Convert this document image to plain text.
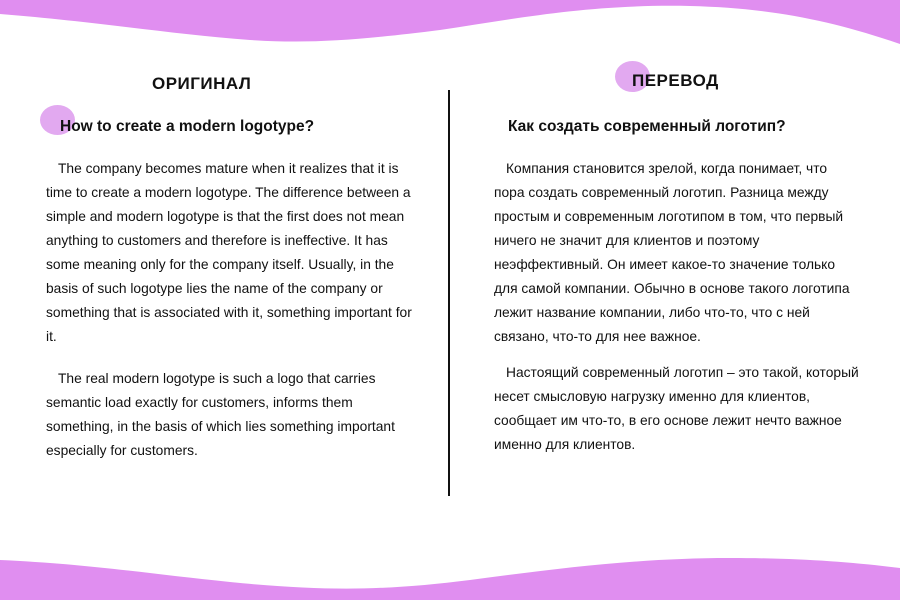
ОРИГИНАЛ
How to create a modern logotype?

The company becomes mature when it realizes that it is time to create a modern logotype. The difference between a simple and modern logotype is that the first does not mean anything to customers and therefore is ineffective. It has some meaning only for the company itself. Usually, in the basis of such logotype lies the name of the company or something that is associated with it, something important for it.

The real modern logotype is such a logo that carries semantic load exactly for customers, informs them something, in the basis of which lies something important especially for customers.

ПЕРЕВОД
Как создать современный логотип?

Компания становится зрелой, когда понимает, что пора создать современный логотип. Разница между простым и современным логотипом в том, что первый ничего не значит для клиентов и поэтому неэффективный. Он имеет какое-то значение только для самой компании. Обычно в основе такого логотипа лежит название компании, либо что-то, что с ней связано, что-то для нее важное.

Настоящий современный логотип – это такой, который несет смысловую нагрузку именно для клиентов, сообщает им что-то, в его основе лежит нечто важное именно для клиентов.
